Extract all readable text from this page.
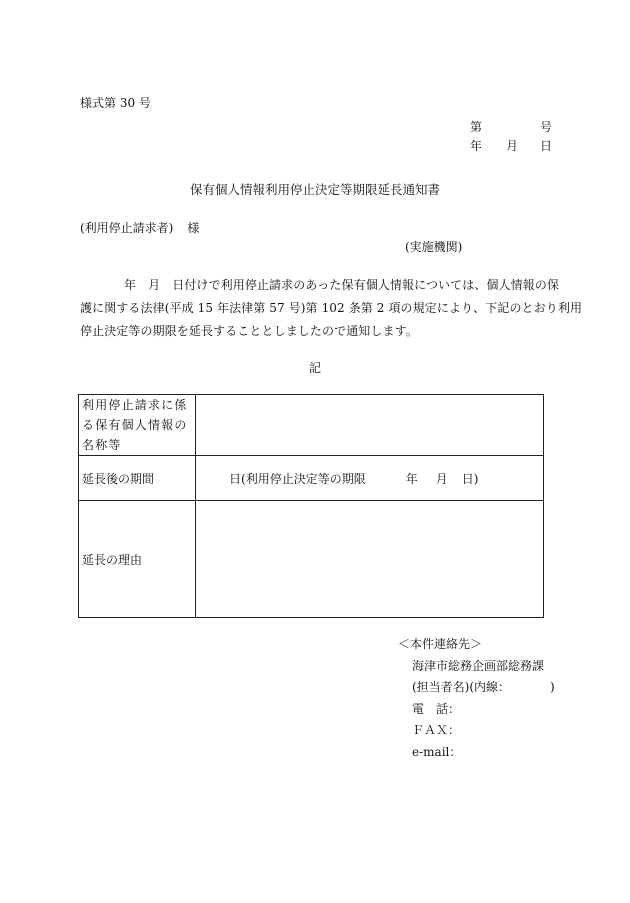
様式第 30 号
第	号
年 月 日
保有個人情報利用停止決定等期限延長通知書
(利用停止請求者) 様
(実施機関)
年 月 日付けで利用停止請求のあった保有個人情報については、個人情報の保
護に関する法律(平成 15 年法律第 57 号)第 102 条第 2 項の規定により、下記のとおり利用
停止決定等の期限を延長することとしましたので通知します。
記
利用停止請求に係る保有個人情報の名称等	

延長後の期間	日(利用停止決定等の期限 年 月 日)
延長の理由	
＜本件連絡先＞
海津市総務企画部総務課
(担当者名)(内線：	)
電　話：
ＦＡＸ：
e-mail：
